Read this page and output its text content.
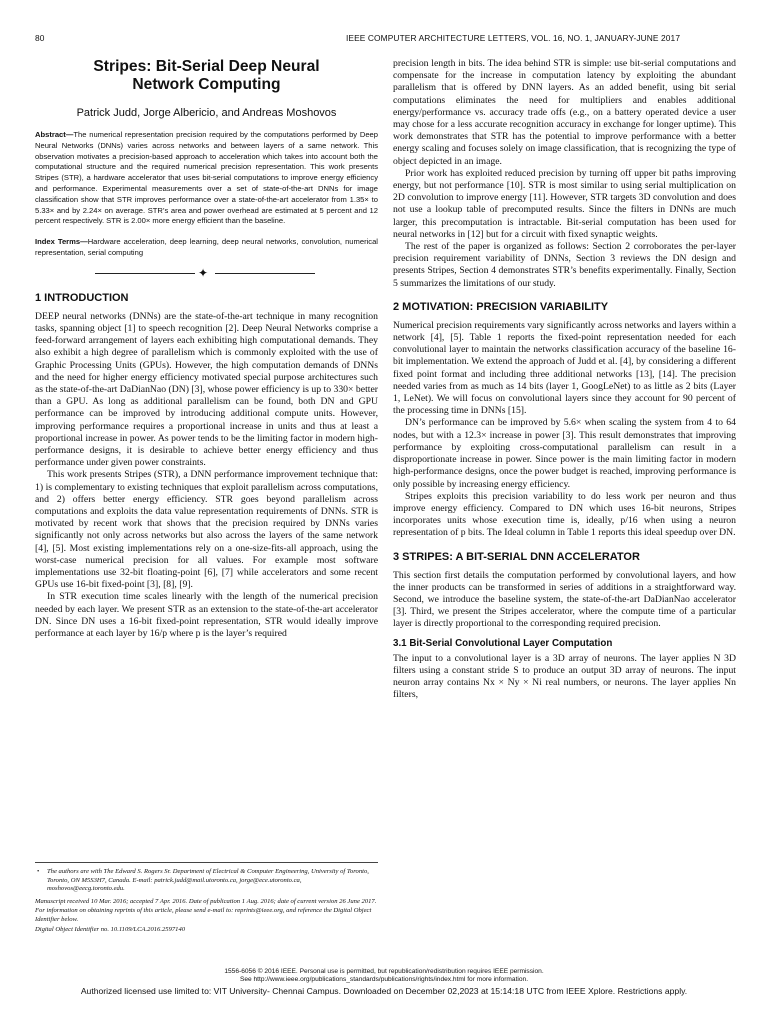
80	IEEE COMPUTER ARCHITECTURE LETTERS, VOL. 16, NO. 1, JANUARY-JUNE 2017
Stripes: Bit-Serial Deep Neural
Network Computing
Patrick Judd, Jorge Albericio, and Andreas Moshovos

Abstract—The numerical representation precision required by the computations performed by Deep Neural Networks (DNNs) varies across networks and between layers of a same network. This observation motivates a precision-based approach to acceleration which takes into account both the computational structure and the required numerical precision representation. This work presents Stripes (STR), a hardware accelerator that uses bit-serial computations to improve energy efficiency and performance. Experimental measurements over a set of state-of-the-art DNNs for image classification show that STR improves performance over a state-of-the-art accelerator from 1.35× to 5.33× and by 2.24× on average. STR’s area and power overhead are estimated at 5 percent and 12 percent respectively. STR is 2.00× more energy efficient than the baseline.

Index Terms—Hardware acceleration, deep learning, deep neural networks, convolution, numerical representation, serial computing

✦
1 INTRODUCTION

DEEP neural networks (DNNs) are the state-of-the-art technique in many recognition tasks, spanning object [1] to speech recognition [2]. Deep Neural Networks comprise a feed-forward arrangement of layers each exhibiting high computational demands. They also exhibit a high degree of parallelism which is commonly exploited with the use of Graphic Processing Units (GPUs). However, the high computation demands of DNNs and the need for higher energy efficiency motivated special purpose architectures such as the state-of-the-art DaDianNao (DN) [3], whose power efficiency is up to 330× better than a GPU. As long as additional parallelism can be found, both DN and GPU performance can be improved by introducing additional compute units. However, improving performance requires a proportional increase in units and thus at least a proportional increase in power. As power tends to be the limiting factor in modern high-performance designs, it is desirable to achieve better energy efficiency and thus performance under given power constraints.

This work presents Stripes (STR), a DNN performance improvement technique that: 1) is complementary to existing techniques that exploit parallelism across computations, and 2) offers better energy efficiency. STR goes beyond parallelism across computations and exploits the data value representation requirements of DNNs. STR is motivated by recent work that shows that the precision required by DNNs varies significantly not only across networks but also across the layers of the same network [4], [5]. Most existing implementations rely on a one-size-fits-all approach, using the worst-case numerical precision for all values. For example most software implementations use 32-bit floating-point [6], [7] while accelerators and some recent GPUs use 16-bit fixed-point [3], [8], [9].

In STR execution time scales linearly with the length of the numerical precision needed by each layer. We present STR as an extension to the state-of-the-art accelerator DN. Since DN uses a 16-bit fixed-point representation, STR would ideally improve performance at each layer by 16/p where p is the layer’s required

• The authors are with The Edward S. Rogers Sr. Department of Electrical & Computer Engineering, University of Toronto, Toronto, ON M5S3H7, Canada. E-mail: patrick.judd@mail.utoronto.ca, jorge@ece.utoronto.ca, moshovos@eecg.toronto.edu.

Manuscript received 10 Mar. 2016; accepted 7 Apr. 2016. Date of publication 1 Aug. 2016; date of current version 26 June 2017.

For information on obtaining reprints of this article, please send e-mail to: reprints@ieee.org, and reference the Digital Object Identifier below.

Digital Object Identifier no. 10.1109/LCA.2016.2597140

precision length in bits. The idea behind STR is simple: use bit-serial computations and compensate for the increase in computation latency by exploiting the abundant parallelism that is offered by DNN layers. As an added benefit, using bit serial computations eliminates the need for multipliers and enables additional energy/performance vs. accuracy trade offs (e.g., on a battery operated device a user may chose for a less accurate recognition accuracy in exchange for longer uptime). This work demonstrates that STR has the potential to improve performance with a better energy scaling and focuses solely on image classification, that is recognizing the type of object depicted in an image.

Prior work has exploited reduced precision by turning off upper bit paths improving energy, but not performance [10]. STR is most similar to using serial multiplication on 2D convolution to improve energy [11]. However, STR targets 3D convolution and does not use a lookup table of precomputed results. Since the filters in DNNs are much larger, this precomputation is intractable. Bit-serial computation has been used for neural networks in [12] but for a circuit with fixed synaptic weights.

The rest of the paper is organized as follows: Section 2 corroborates the per-layer precision requirement variability of DNNs, Section 3 reviews the DN design and presents Stripes, Section 4 demonstrates STR’s benefits experimentally. Finally, Section 5 summarizes the limitations of our study.

2 MOTIVATION: PRECISION VARIABILITY

Numerical precision requirements vary significantly across networks and layers within a network [4], [5]. Table 1 reports the fixed-point representation needed for each convolutional layer to maintain the networks classification accuracy of the baseline 16-bit implementation. We extend the approach of Judd et al. [4], by considering a different fixed point format and including three additional networks [13], [14]. The precision needed varies from as much as 14 bits (layer 1, GoogLeNet) to as little as 2 bits (Layer 1, LeNet). We will focus on convolutional layers since they account for 90 percent of the processing time in DNNs [15].

DN’s performance can be improved by 5.6× when scaling the system from 4 to 64 nodes, but with a 12.3× increase in power [3]. This result demonstrates that improving performance by exploiting cross-computational parallelism can result in a disproportionate increase in power. Since power is the main limiting factor in modern high-performance designs, once the power budget is reached, improving performance is only possible by increasing energy efficiency.

Stripes exploits this precision variability to do less work per neuron and thus improve energy efficiency. Compared to DN which uses 16-bit neurons, Stripes incorporates units whose execution time is, ideally, p/16 when using a neuron representation of p bits. The Ideal column in Table 1 reports this ideal speedup over DN.

3 STRIPES: A BIT-SERIAL DNN ACCELERATOR

This section first details the computation performed by convolutional layers, and how the inner products can be transformed in series of additions in a straightforward way. Second, we introduce the baseline system, the state-of-the-art DaDianNao accelerator [3]. Third, we present the Stripes accelerator, where the compute time of a particular layer is directly proportional to the corresponding required precision.

3.1 Bit-Serial Convolutional Layer Computation

The input to a convolutional layer is a 3D array of neurons. The layer applies N 3D filters using a constant stride S to produce an output 3D array of neurons. The input neuron array contains Nx × Ny × Ni real numbers, or neurons. The layer applies Nn filters,

1556-6056 © 2016 IEEE. Personal use is permitted, but republication/redistribution requires IEEE permission.
See http://www.ieee.org/publications_standards/publications/rights/index.html for more information.
Authorized licensed use limited to: VIT University- Chennai Campus. Downloaded on December 02,2023 at 15:14:18 UTC from IEEE Xplore. Restrictions apply.
